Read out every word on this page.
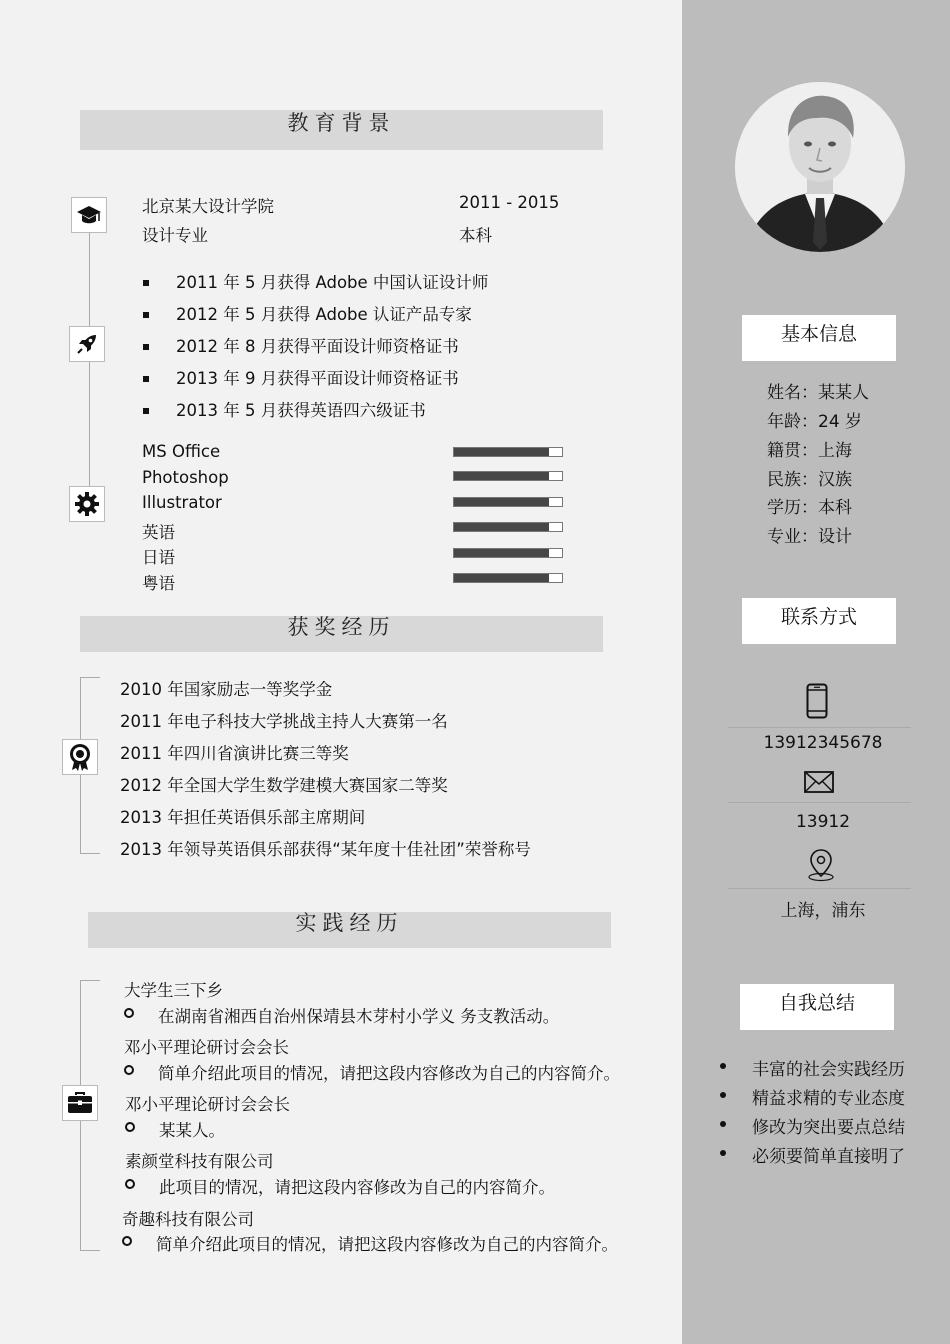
教育背景
北京某大设计学院	2011 - 2015
设计专业	本科
2011 年 5 月获得 Adobe 中国认证设计师
2012 年 5 月获得 Adobe 认证产品专家
2012 年 8 月获得平面设计师资格证书
2013 年 9 月获得平面设计师资格证书
2013 年 5 月获得英语四六级证书
MS Office
Photoshop
Illustrator
英语
日语
粤语
获奖经历
2010 年国家励志一等奖学金
2011 年电子科技大学挑战主持人大赛第一名
2011 年四川省演讲比赛三等奖
2012 年全国大学生数学建模大赛国家二等奖
2013 年担任英语俱乐部主席期间
2013 年领导英语俱乐部获得“某年度十佳社团”荣誉称号
实践经历
大学生三下乡
在湖南省湘西自治州保靖县木芽村小学义 务支教活动。
邓小平理论研讨会会长
简单介绍此项目的情况，请把这段内容修改为自己的内容简介。
邓小平理论研讨会会长
某某人。
素颜堂科技有限公司
此项目的情况，请把这段内容修改为自己的内容简介。
奇趣科技有限公司
简单介绍此项目的情况，请把这段内容修改为自己的内容简介。
基本信息
姓名：某某人
年龄：24 岁
籍贯：上海
民族：汉族
学历：本科
专业：设计
联系方式
13912345678
13912
上海，浦东
自我总结
丰富的社会实践经历
精益求精的专业态度
修改为突出要点总结
必须要简单直接明了
